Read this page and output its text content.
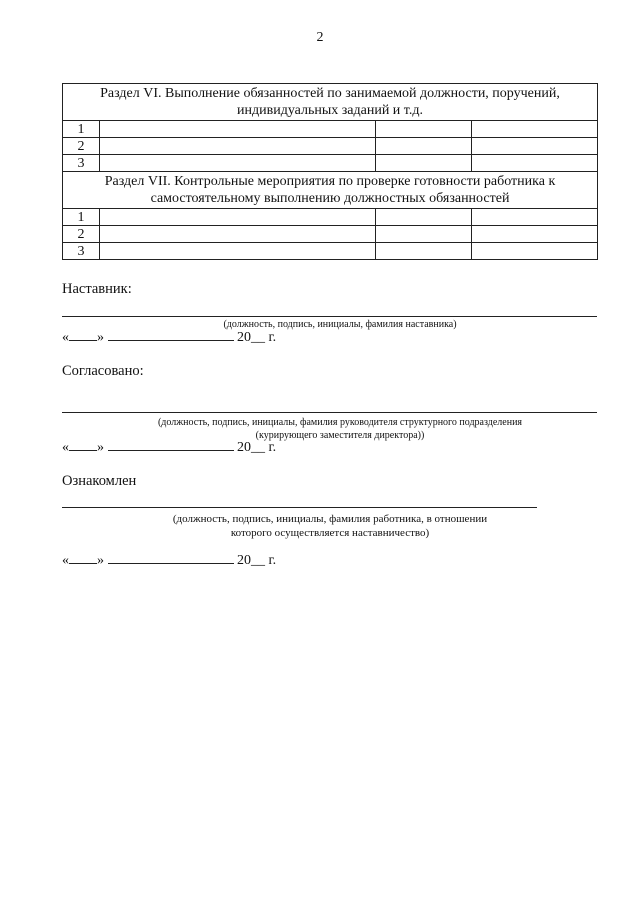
2
Раздел VI. Выполнение обязанностей по занимаемой должности, поручений, индивидуальных заданий и т.д.			
1			
2			
3			
Раздел VII. Контрольные мероприятия по проверке готовности работника к самостоятельному выполнению должностных обязанностей			
1			
2			
3			
Наставник:
(должность, подпись, инициалы, фамилия наставника)
« »	20__ г.
Согласовано:
(должность, подпись, инициалы, фамилия руководителя структурного подразделения
(курирующего заместителя директора))
« »	20__ г.
Ознакомлен
(должность, подпись, инициалы, фамилия работника, в отношении
которого осуществляется наставничество)
« »	20__ г.
